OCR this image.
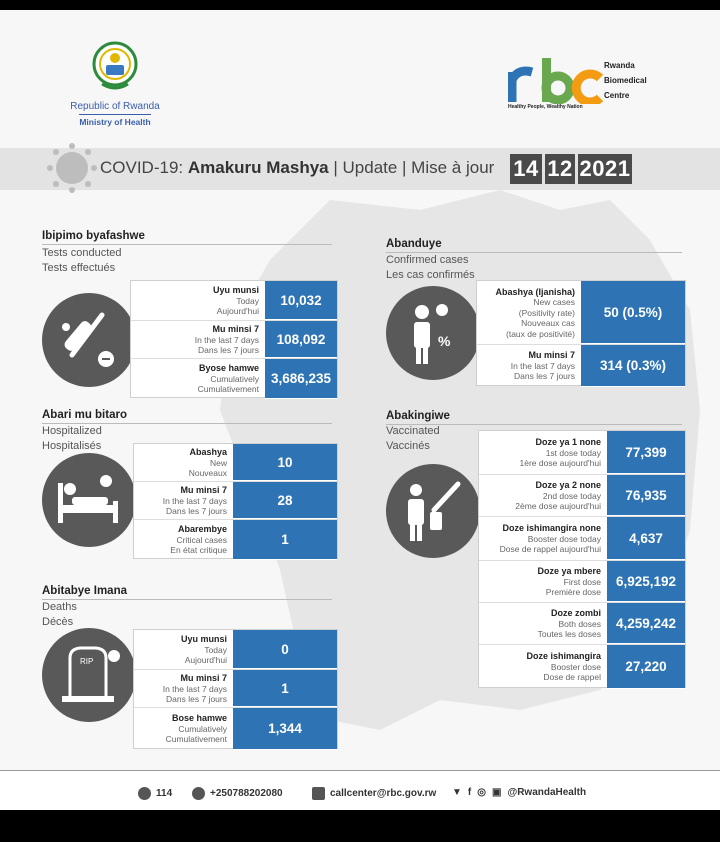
Republic of Rwanda
Ministry of Health
Rwanda
Biomedical
Centre
Healthy People, Wealthy Nation
COVID-19: Amakuru Mashya | Update | Mise à jour 14 12 2021
Ibipimo byafashwe
Tests conducted
Tests effectués
Uyu munsi
Today
Aujourd'hui
10,032
Mu minsi 7
In the last 7 days
Dans les 7 jours
108,092
Byose hamwe
Cumulatively
Cumulativement
3,686,235
Abanduye
Confirmed cases
Les cas confirmés
%
Abashya (Ijanisha)
New cases
(Positivity rate)
Nouveaux cas
(taux de positivité)
50 (0.5%)
Mu minsi 7
In the last 7 days
Dans les 7 jours
314 (0.3%)
Abari mu bitaro
Hospitalized
Hospitalisés
Abashya
New
Nouveaux
10
Mu minsi 7
In the last 7 days
Dans les 7 jours
28
Abarembye
Critical cases
En état critique
1
Abakingiwe
Vaccinated
Vaccinés	Doze ya 1 none
1st dose today
1ère dose aujourd'hui
77,399
Doze ya 2 none
2nd dose today
2ème dose aujourd'hui
76,935
Doze ishimangira none
Booster dose today
Dose de rappel aujourd'hui
4,637
Doze ya mbere
First dose
Première dose
6,925,192
Doze zombi
Both doses
Toutes les doses
4,259,242
Doze ishimangira
Booster dose
Dose de rappel
27,220
Abitabye Imana
Deaths
Décès
RIP
Uyu munsi
Today
Aujourd'hui
0
Mu minsi 7
In the last 7 days
Dans les 7 jours
1
Bose hamwe
Cumulatively
Cumulativement
1,344
114	+250788202080	callcenter@rbc.gov.rw ▼ f ◎ ▣ @RwandaHealth
